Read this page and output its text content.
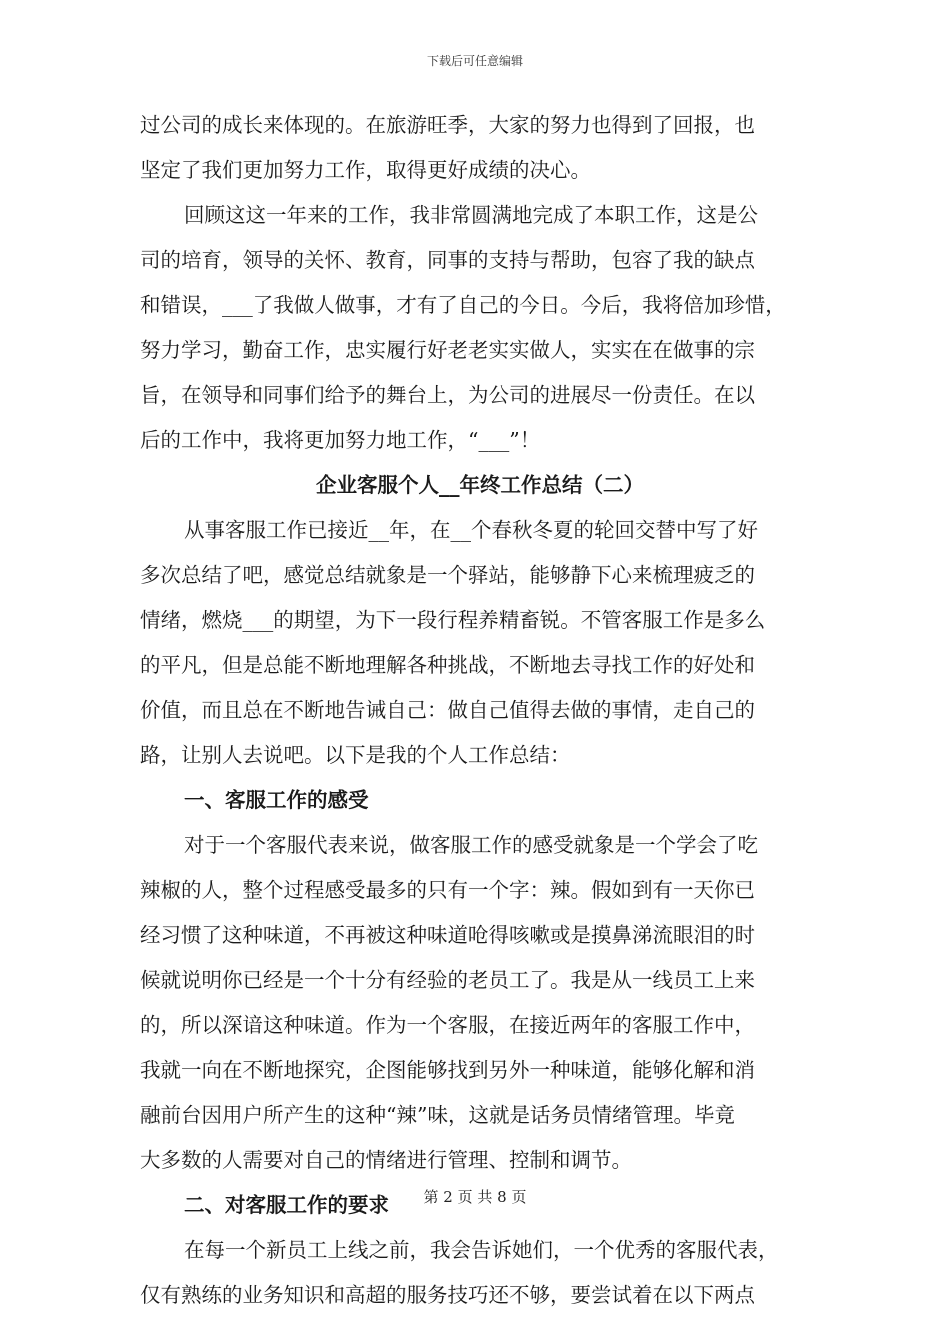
下载后可任意编辑
过公司的成长来体现的。在旅游旺季，大家的努力也得到了回报，也
坚定了我们更加努力工作，取得更好成绩的决心。
回顾这这一年来的工作，我非常圆满地完成了本职工作，这是公
司的培育，领导的关怀、教育，同事的支持与帮助，包容了我的缺点
和错误，___了我做人做事，才有了自己的今日。今后，我将倍加珍惜，
努力学习，勤奋工作，忠实履行好老老实实做人，实实在在做事的宗
旨，在领导和同事们给予的舞台上，为公司的进展尽一份责任。在以
后的工作中，我将更加努力地工作，“___”！
企业客服个人__年终工作总结（二）
从事客服工作已接近__年，在__个春秋冬夏的轮回交替中写了好
多次总结了吧，感觉总结就象是一个驿站，能够静下心来梳理疲乏的
情绪，燃烧___的期望，为下一段行程养精畜锐。不管客服工作是多么
的平凡，但是总能不断地理解各种挑战，不断地去寻找工作的好处和
价值，而且总在不断地告诫自己：做自己值得去做的事情，走自己的
路，让别人去说吧。以下是我的个人工作总结：
一、客服工作的感受
对于一个客服代表来说，做客服工作的感受就象是一个学会了吃
辣椒的人，整个过程感受最多的只有一个字：辣。假如到有一天你已
经习惯了这种味道，不再被这种味道呛得咳嗽或是摸鼻涕流眼泪的时
候就说明你已经是一个十分有经验的老员工了。我是从一线员工上来
的，所以深谙这种味道。作为一个客服，在接近两年的客服工作中，
我就一向在不断地探究，企图能够找到另外一种味道，能够化解和消
融前台因用户所产生的这种“辣”味，这就是话务员情绪管理。毕竟
大多数的人需要对自己的情绪进行管理、控制和调节。
二、对客服工作的要求
在每一个新员工上线之前，我会告诉她们，一个优秀的客服代表，
仅有熟练的业务知识和高超的服务技巧还不够，要尝试着在以下两点
第 2 页 共 8 页
